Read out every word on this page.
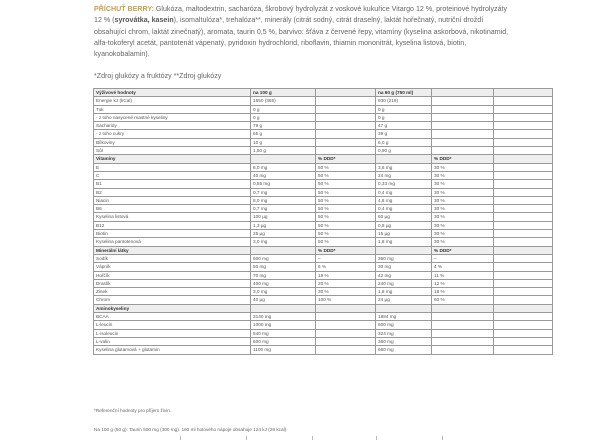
PŘÍCHUŤ BERRY: Glukóza, maltodextrin, sacharóza, škrobový hydrolyzát z voskové kukuřice Vitargo 12 %, proteinové hydrolyzáty 12 % (syrovátka, kasein), isomaltulóza*, trehalóza**, minerály (citrát sodný, citrát draselný, laktát hořečnatý, nutriční droždí obsahující chrom, laktát zinečnatý), aromata, taurin 0,5 %, barvivo: šťáva z červené řepy, vitamíny (kyselina askorbová, nikotinamid, alfa-tokoferyl acetát, pantotenát vápenatý, pyridoxin hydrochlorid, riboflavin, thiamin mononitrát, kyselina listová, biotin, kyanokobalamin).
*Zdroj glukózy a fruktózy **Zdroj glukózy
Výživové hodnoty	na 100 g		na 60 g (750 ml)		
Energie kJ (kCal)	1550 (365)		930 (219)		
Tuk	0 g		0 g		
- z toho nasycené mastné kyseliny	0 g		0 g		
Sacharidy	79 g		47 g		
- z toho cukry	65 g		39 g		
Bílkoviny	10 g		6,0 g		
Sůl	1,50 g		0,90 g		
Vitamíny		% DDD*		% DDD*	
E	6,0 mg	50 %	3,6 mg	30 %	
C	40 mg	50 %	24 mg	30 %	
B1	0,55 mg	50 %	0,33 mg	30 %	
B2	0,7 mg	50 %	0,4 mg	30 %	
Niacin	8,0 mg	50 %	4,8 mg	30 %	
B6	0,7 mg	50 %	0,4 mg	30 %	
Kyselina listová	100 µg	50 %	60 µg	30 %	
B12	1,3 µg	50 %	0,8 µg	30 %	
Biotin	25 µg	50 %	15 µg	30 %	
Kyselina pantotenová	3,0 mg	50 %	1,8 mg	30 %	
Minerální látky		% DDD*		% DDD*	
Sodík	600 mg	–	360 mg	–	
Vápník	50 mg	6 %	30 mg	4 %	
Hořčík	70 mg	19 %	42 mg	11 %	
Draslík	400 mg	20 %	240 mg	12 %	
Zinek	3,0 mg	30 %	1,8 mg	18 %	
Chrom	40 µg	100 %	24 µg	60 %	
Aminokyseliny					
BCAA	3140 mg		1884 mg		
L-leucin	1000 mg		600 mg		
L-isoleucin	540 mg		324 mg		
L-valin	600 mg		360 mg		
Kyselina glutamová + glutamin	1100 mg		660 mg		
*Referenční hodnoty pro příjem živin.
Na 100 g (60 g): Taurin 500 mg (300 mg). 160 ml hotového nápoje obsahuje 124 kJ (29 kcal).
